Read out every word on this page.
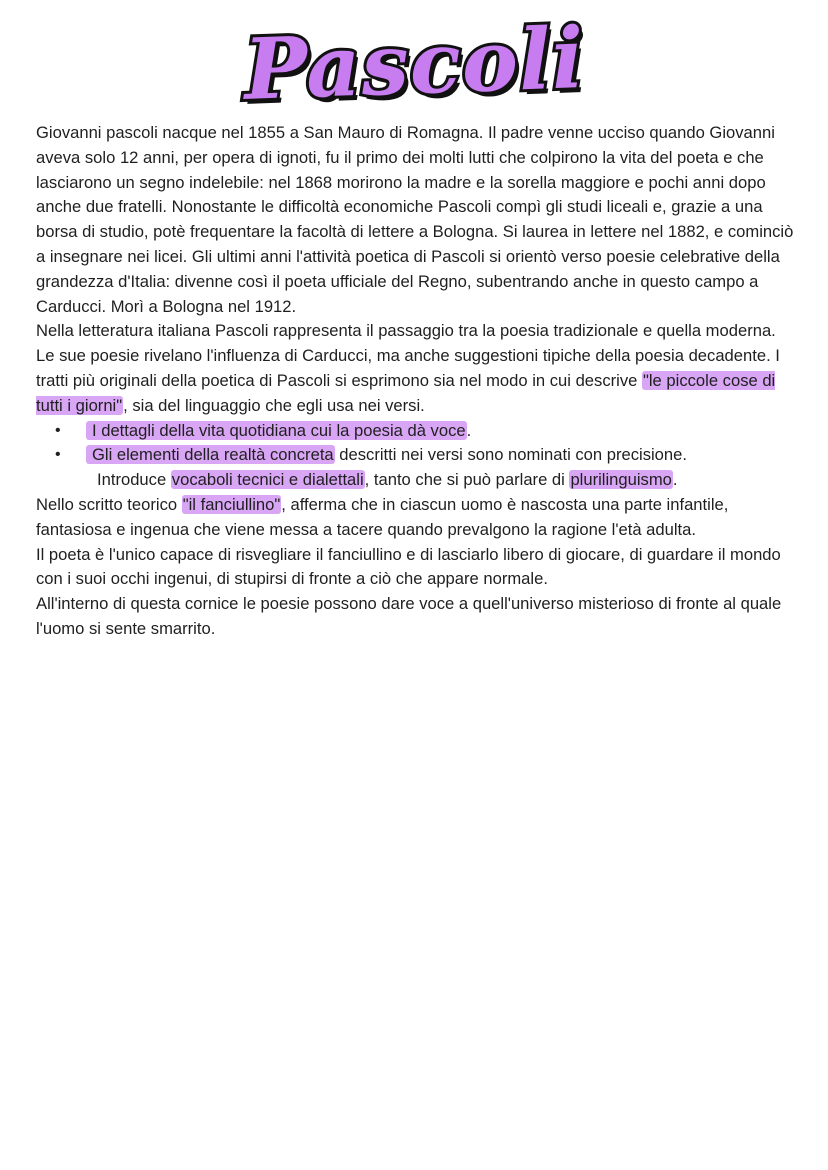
Pascoli

Giovanni pascoli nacque nel 1855 a San Mauro di Romagna. Il padre venne ucciso quando Giovanni aveva solo 12 anni, per opera di ignoti, fu il primo dei molti lutti che colpirono la vita del poeta e che lasciarono un segno indelebile: nel 1868 morirono la madre e la sorella maggiore e pochi anni dopo anche due fratelli. Nonostante le difficoltà economiche Pascoli compì gli studi liceali e, grazie a una borsa di studio, potè frequentare la facoltà di lettere a Bologna. Si laurea in lettere nel 1882, e cominciò a insegnare nei licei. Gli ultimi anni l'attività poetica di Pascoli si orientò verso poesie celebrative della grandezza d'Italia: divenne così il poeta ufficiale del Regno, subentrando anche in questo campo a Carducci. Morì a Bologna nel 1912.

Nella letteratura italiana Pascoli rappresenta il passaggio tra la poesia tradizionale e quella moderna. Le sue poesie rivelano l'influenza di Carducci, ma anche suggestioni tipiche della poesia decadente. I tratti più originali della poetica di Pascoli si esprimono sia nel modo in cui descrive "le piccole cose di tutti i giorni", sia del linguaggio che egli usa nei versi.

• I dettagli della vita quotidiana cui la poesia dà voce.
• Gli elementi della realtà concreta descritti nei versi sono nominati con precisione.

Introduce vocaboli tecnici e dialettali, tanto che si può parlare di plurilinguismo.

Nello scritto teorico "il fanciullino", afferma che in ciascun uomo è nascosta una parte infantile, fantasiosa e ingenua che viene messa a tacere quando prevalgono la ragione l'età adulta.

Il poeta è l'unico capace di risvegliare il fanciullino e di lasciarlo libero di giocare, di guardare il mondo con i suoi occhi ingenui, di stupirsi di fronte a ciò che appare normale.

All'interno di questa cornice le poesie possono dare voce a quell'universo misterioso di fronte al quale l'uomo si sente smarrito.
